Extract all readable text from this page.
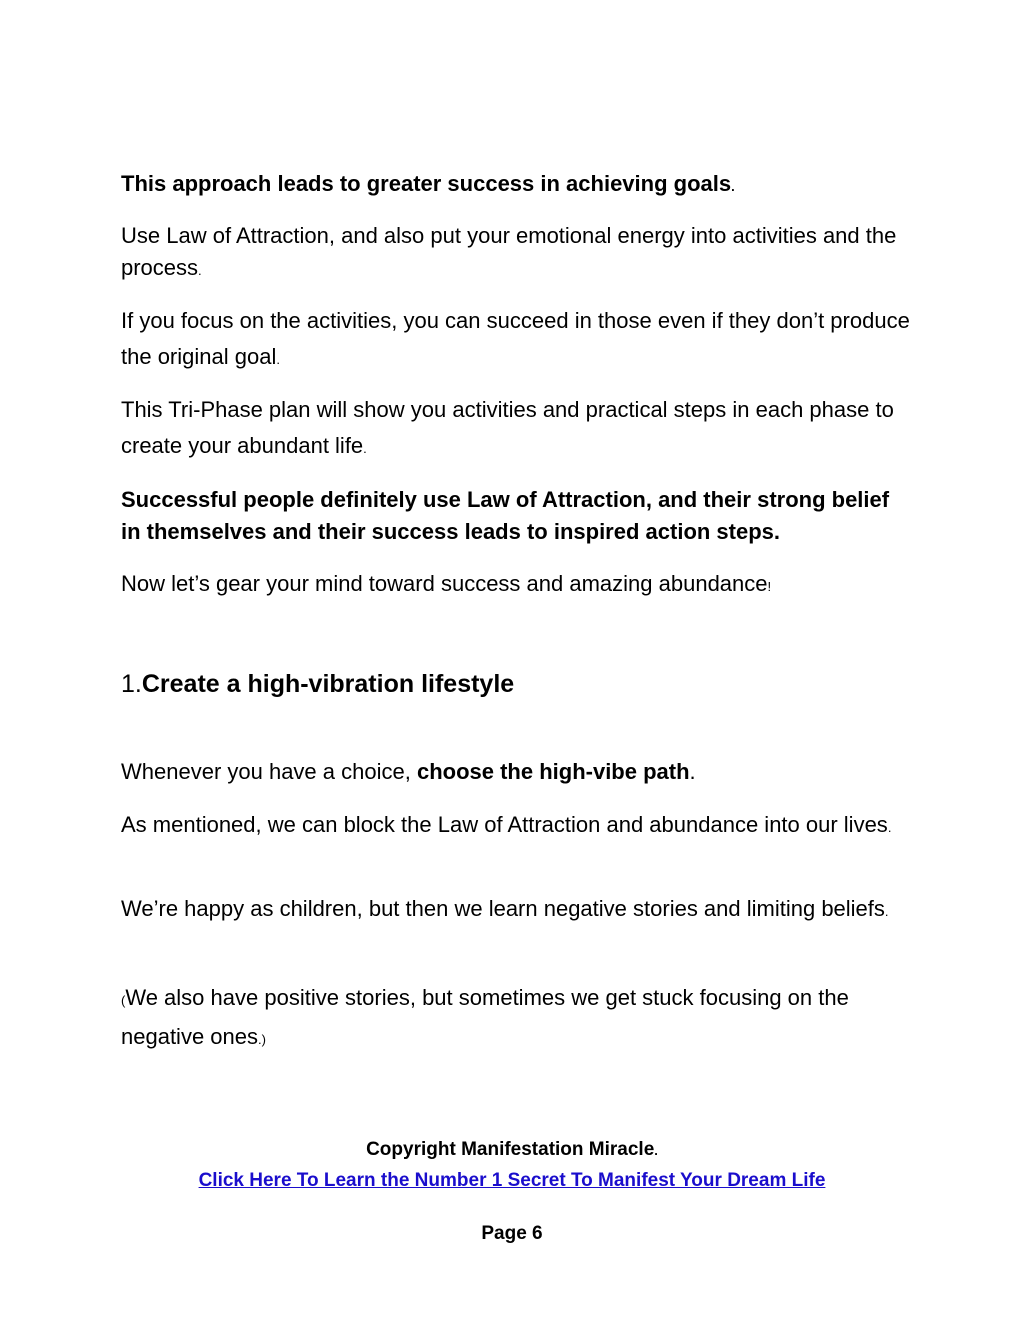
This approach leads to greater success in achieving goals.

Use Law of Attraction, and also put your emotional energy into activities and the process.

If you focus on the activities, you can succeed in those even if they don’t produce the original goal.

This Tri-Phase plan will show you activities and practical steps in each phase to create your abundant life.

Successful people definitely use Law of Attraction, and their strong belief in themselves and their success leads to inspired action steps.

Now let’s gear your mind toward success and amazing abundance!

1.Create a high-vibration lifestyle

Whenever you have a choice, choose the high-vibe path.

As mentioned, we can block the Law of Attraction and abundance into our lives.

We’re happy as children, but then we learn negative stories and limiting beliefs.

(We also have positive stories, but sometimes we get stuck focusing on the negative ones.)

Copyright Manifestation Miracle.
Click Here To Learn the Number 1 Secret To Manifest Your Dream Life
Page 6
